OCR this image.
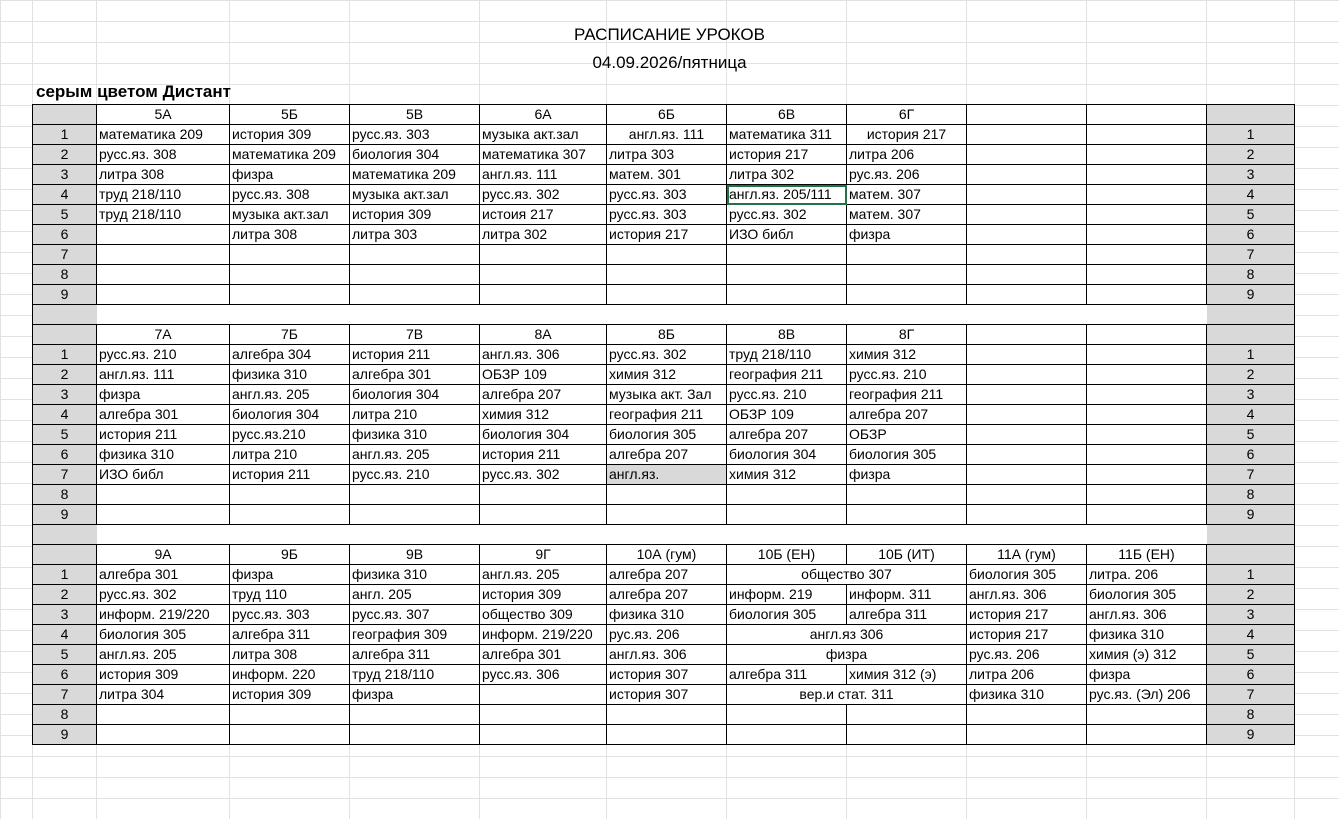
РАСПИСАНИЕ УРОКОВ
04.09.2026/пятница
серым цветом Дистант
	5А	5Б	5В	6А	6Б	6В	6Г			
1	математика 209	история 309	русс.яз. 303	музыка акт.зал	англ.яз. 111	математика 311	история 217			1
2	русс.яз. 308	математика 209	биология 304	математика 307	литра 303	история 217	литра 206			2
3	литра 308	физра	математика 209	англ.яз. 111	матем. 301	литра 302	рус.яз. 206			3
4	труд 218/110	русс.яз. 308	музыка акт.зал	русс.яз. 302	русс.яз. 303	англ.яз. 205/111	матем. 307			4
5	труд 218/110	музыка акт.зал	история 309	истоия 217	русс.яз. 303	русс.яз. 302	матем. 307			5
6		литра 308	литра 303	литра 302	история 217	ИЗО библ	физра			6
7										7
8										8
9										9

	7А	7Б	7В	8А	8Б	8В	8Г			
1	русс.яз. 210	алгебра 304	история 211	англ.яз. 306	русс.яз. 302	труд 218/110	химия 312			1
2	англ.яз. 111	физика 310	алгебра 301	ОБЗР 109	химия 312	география 211	русс.яз. 210			2
3	физра	англ.яз. 205	биология 304	алгебра 207	музыка акт. Зал	русс.яз. 210	география 211			3
4	алгебра 301	биология 304	литра 210	химия 312	география 211	ОБЗР 109	алгебра 207			4
5	история 211	русс.яз.210	физика 310	биология 304	биология 305	алгебра 207	ОБЗР			5
6	физика 310	литра 210	англ.яз. 205	история 211	алгебра 207	биология 304	биология 305			6
7	ИЗО библ	история 211	русс.яз. 210	русс.яз. 302	англ.яз.	химия 312	физра			7
8										8
9										9

	9А	9Б	9В	9Г	10А (гум)	10Б (ЕН)	10Б (ИТ)	11А (гум)	11Б (ЕН)	
1	алгебра 301	физра	физика 310	англ.яз. 205	алгебра 207	общество 307		биология 305	литра. 206	1
2	русс.яз. 302	труд 110	англ. 205	история 309	алгебра 207	информ. 219	информ. 311	англ.яз. 306	биология 305	2
3	информ. 219/220	русс.яз. 303	русс.яз. 307	общество 309	физика 310	биология 305	алгебра 311	история 217	англ.яз. 306	3
4	биология 305	алгебра 311	география 309	информ. 219/220	рус.яз. 206	англ.яз 306		история 217	физика 310	4
5	англ.яз. 205	литра 308	алгебра 311	алгебра 301	англ.яз. 306	физра		рус.яз. 206	химия (э) 312	5
6	история 309	информ. 220	труд 218/110	русс.яз. 306	история 307	алгебра 311	химия 312 (э)	литра 206	физра	6
7	литра 304	история 309	физра		история 307	вер.и стат. 311		физика 310	рус.яз. (Эл) 206	7
8										8
9										9
